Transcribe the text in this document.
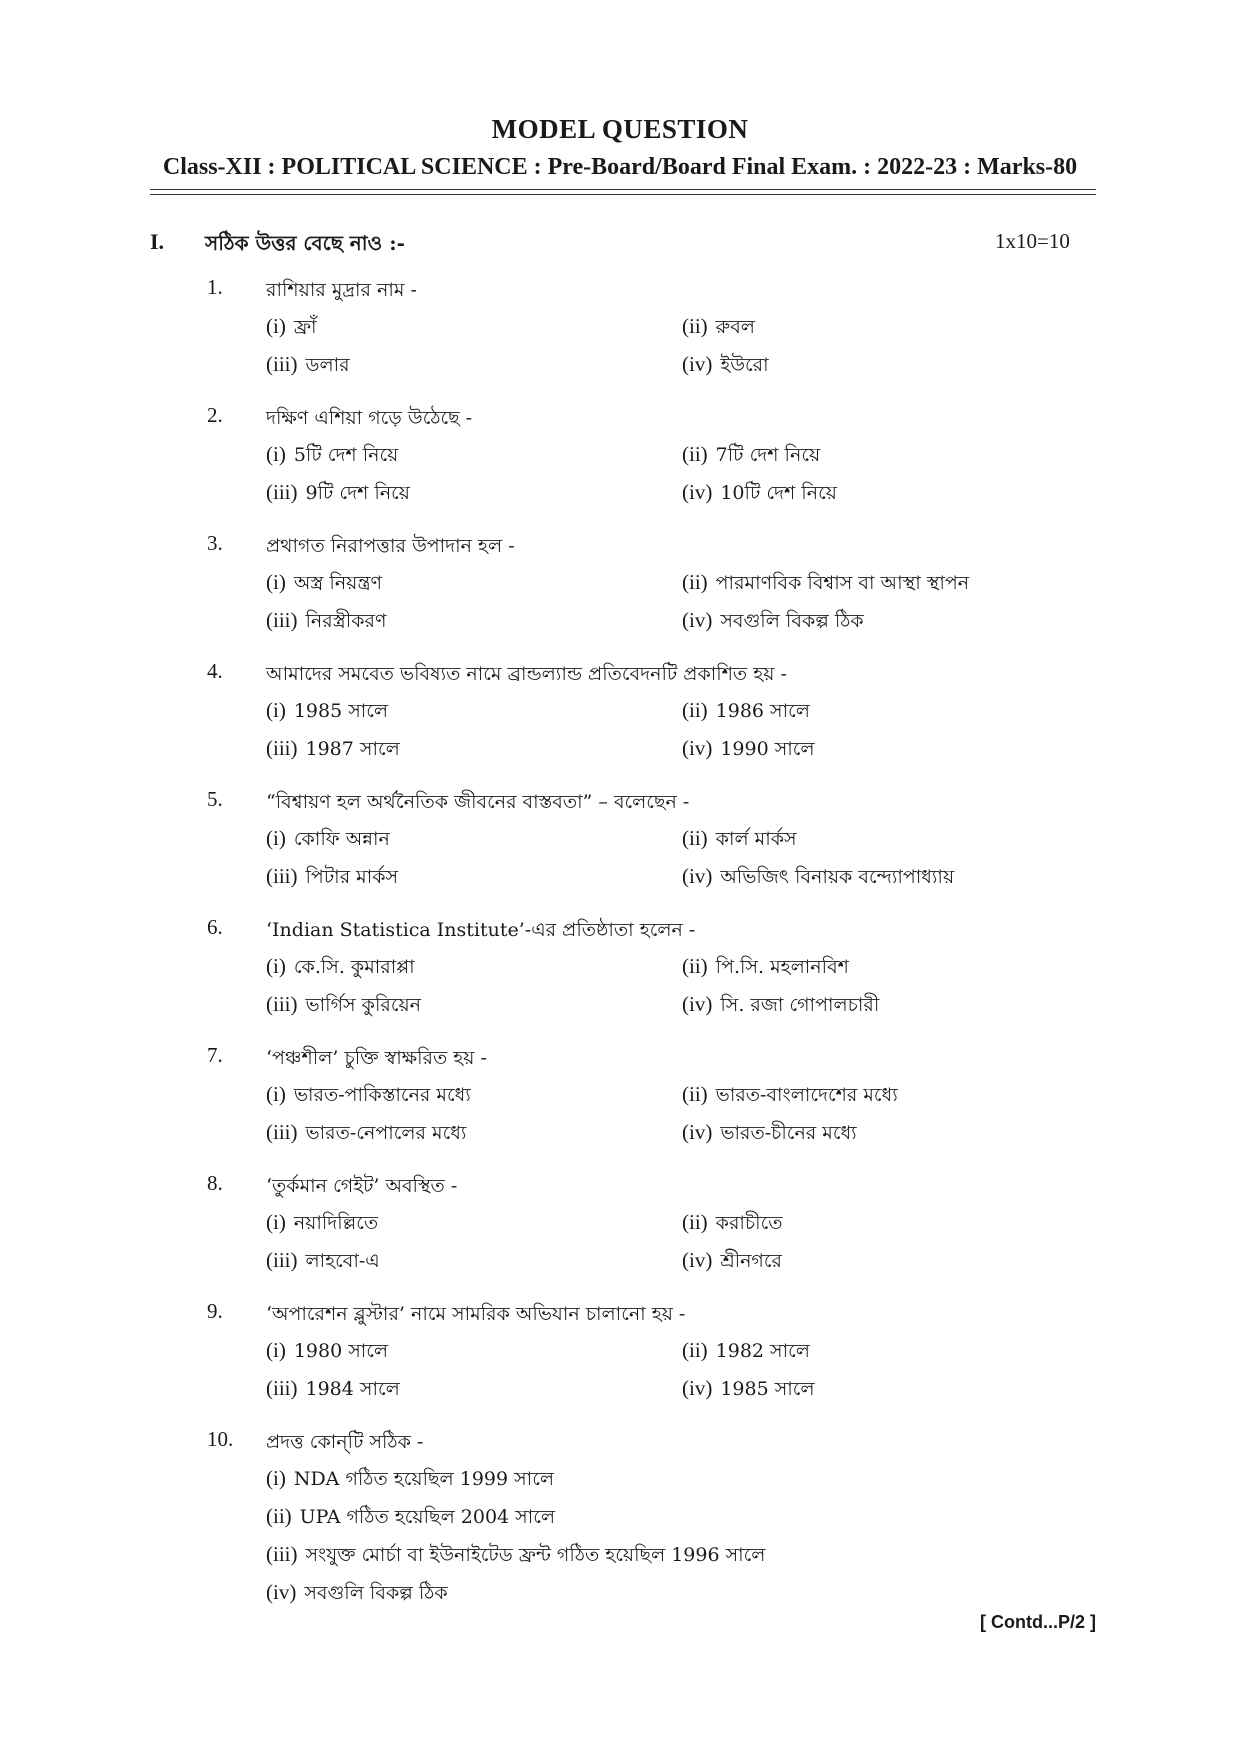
MODEL QUESTION
Class-XII : POLITICAL SCIENCE : Pre-Board/Board Final Exam. : 2022-23 : Marks-80
I. সঠিক উত্তর বেছে নাও :-	1x10=10
1. রাশিয়ার মুদ্রার নাম -
(i) ফ্রাঁ	(ii) রুবল
(iii) ডলার	(iv) ইউরো
2. দক্ষিণ এশিয়া গড়ে উঠেছে -
(i) 5টি দেশ নিয়ে	(ii) 7টি দেশ নিয়ে
(iii) 9টি দেশ নিয়ে	(iv) 10টি দেশ নিয়ে
3. প্রথাগত নিরাপত্তার উপাদান হল -
(i) অস্ত্র নিয়ন্ত্রণ	(ii) পারমাণবিক বিশ্বাস বা আস্থা স্থাপন
(iii) নিরস্ত্রীকরণ	(iv) সবগুলি বিকল্প ঠিক
4. আমাদের সমবেত ভবিষ্যত নামে ব্রান্ডল্যান্ড প্রতিবেদনটি প্রকাশিত হয় -
(i) 1985 সালে	(ii) 1986 সালে
(iii) 1987 সালে	(iv) 1990 সালে
5. “বিশ্বায়ণ হল অর্থনৈতিক জীবনের বাস্তবতা” – বলেছেন -
(i) কোফি অন্নান	(ii) কার্ল মার্কস
(iii) পিটার মার্কস	(iv) অভিজিৎ বিনায়ক বন্দ্যোপাধ্যায়
6. ‘Indian Statistica Institute’-এর প্রতিষ্ঠাতা হলেন -
(i) কে.সি. কুমারাপ্পা	(ii) পি.সি. মহলানবিশ
(iii) ভার্গিস কুরিয়েন	(iv) সি. রজা গোপালচারী
7. ‘পঞ্চশীল’ চুক্তি স্বাক্ষরিত হয় -
(i) ভারত-পাকিস্তানের মধ্যে	(ii) ভারত-বাংলাদেশের মধ্যে
(iii) ভারত-নেপালের মধ্যে	(iv) ভারত-চীনের মধ্যে
8. ‘তুর্কমান গেইট’ অবস্থিত -
(i) নয়াদিল্লিতে	(ii) করাচীতে
(iii) লাহবো-এ	(iv) শ্রীনগরে
9. ‘অপারেশন ব্লুস্টার’ নামে সামরিক অভিযান চালানো হয় -
(i) 1980 সালে	(ii) 1982 সালে
(iii) 1984 সালে	(iv) 1985 সালে
10. প্রদত্ত কোন্‌টি সঠিক -
(i) NDA গঠিত হয়েছিল 1999 সালে
(ii) UPA গঠিত হয়েছিল 2004 সালে
(iii) সংযুক্ত মোর্চা বা ইউনাইটেড ফ্রন্ট গঠিত হয়েছিল 1996 সালে
(iv) সবগুলি বিকল্প ঠিক
[ Contd...P/2 ]
